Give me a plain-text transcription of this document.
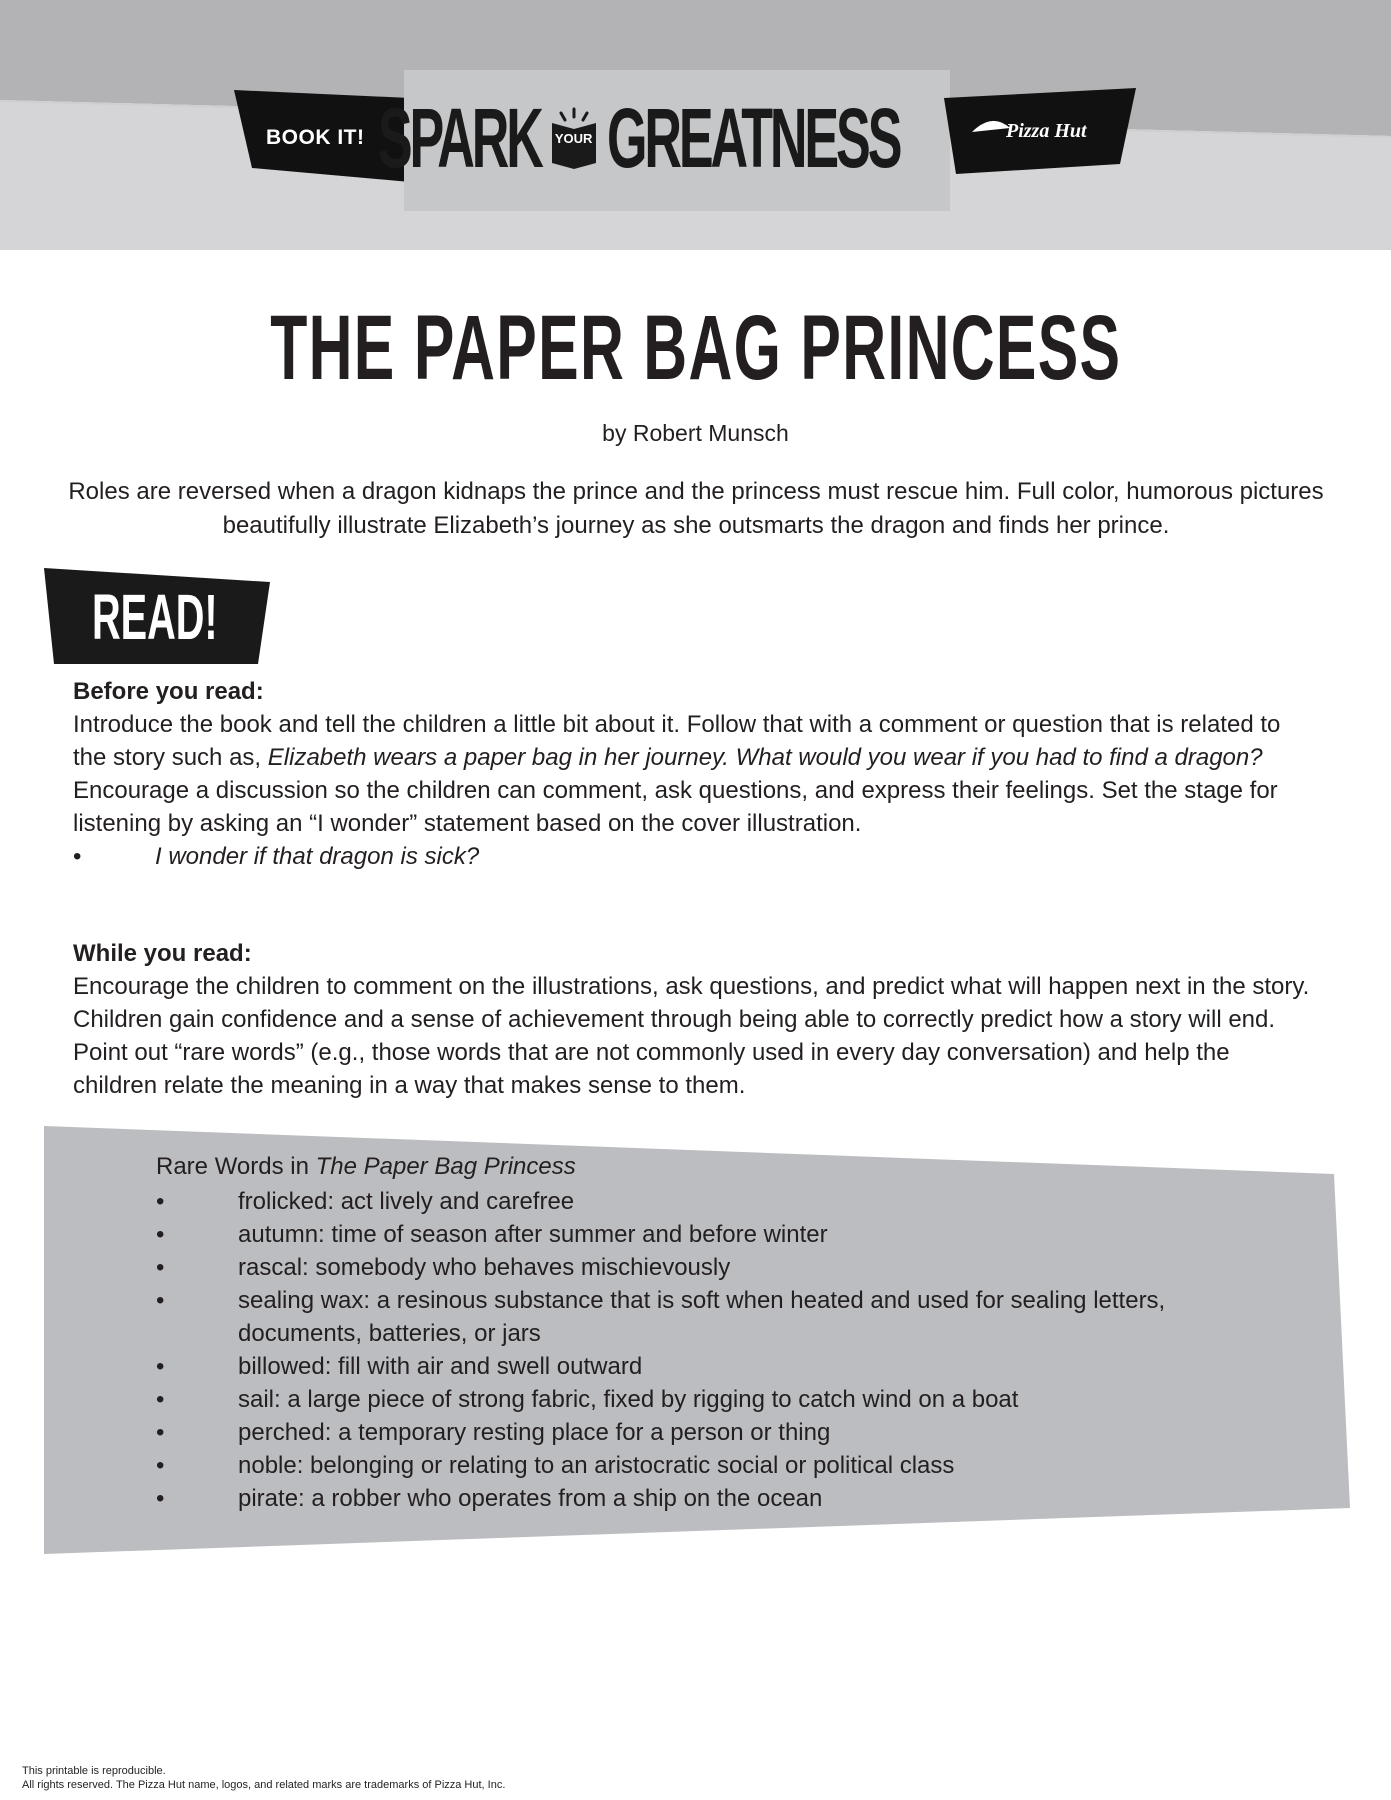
BOOK IT! SPARK	YOUR GREATNESS	Pizza Hut
THE PAPER BAG PRINCESS
by Robert Munsch
Roles are reversed when a dragon kidnaps the prince and the princess must rescue him. Full color, humorous pictures beautifully illustrate Elizabeth’s journey as she outsmarts the dragon and finds her prince.
READ!
Before you read:

Introduce the book and tell the children a little bit about it. Follow that with a comment or question that is related to the story such as, Elizabeth wears a paper bag in her journey. What would you wear if you had to find a dragon? Encourage a discussion so the children can comment, ask questions, and express their feelings. Set the stage for listening by asking an “I wonder” statement based on the cover illustration.

•	I wonder if that dragon is sick?
While you read:

Encourage the children to comment on the illustrations, ask questions, and predict what will happen next in the story. Children gain confidence and a sense of achievement through being able to correctly predict how a story will end. Point out “rare words” (e.g., those words that are not commonly used in every day conversation) and help the children relate the meaning in a way that makes sense to them.

Rare Words in The Paper Bag Princess
•	frolicked: act lively and carefree
•	autumn: time of season after summer and before winter
•	rascal: somebody who behaves mischievously
•	sealing wax: a resinous substance that is soft when heated and used for sealing letters, documents, batteries, or jars
•	billowed: fill with air and swell outward
•	sail: a large piece of strong fabric, fixed by rigging to catch wind on a boat
•	perched: a temporary resting place for a person or thing
•	noble: belonging or relating to an aristocratic social or political class
•	pirate: a robber who operates from a ship on the ocean
This printable is reproducible.
All rights reserved. The Pizza Hut name, logos, and related marks are trademarks of Pizza Hut, Inc.
